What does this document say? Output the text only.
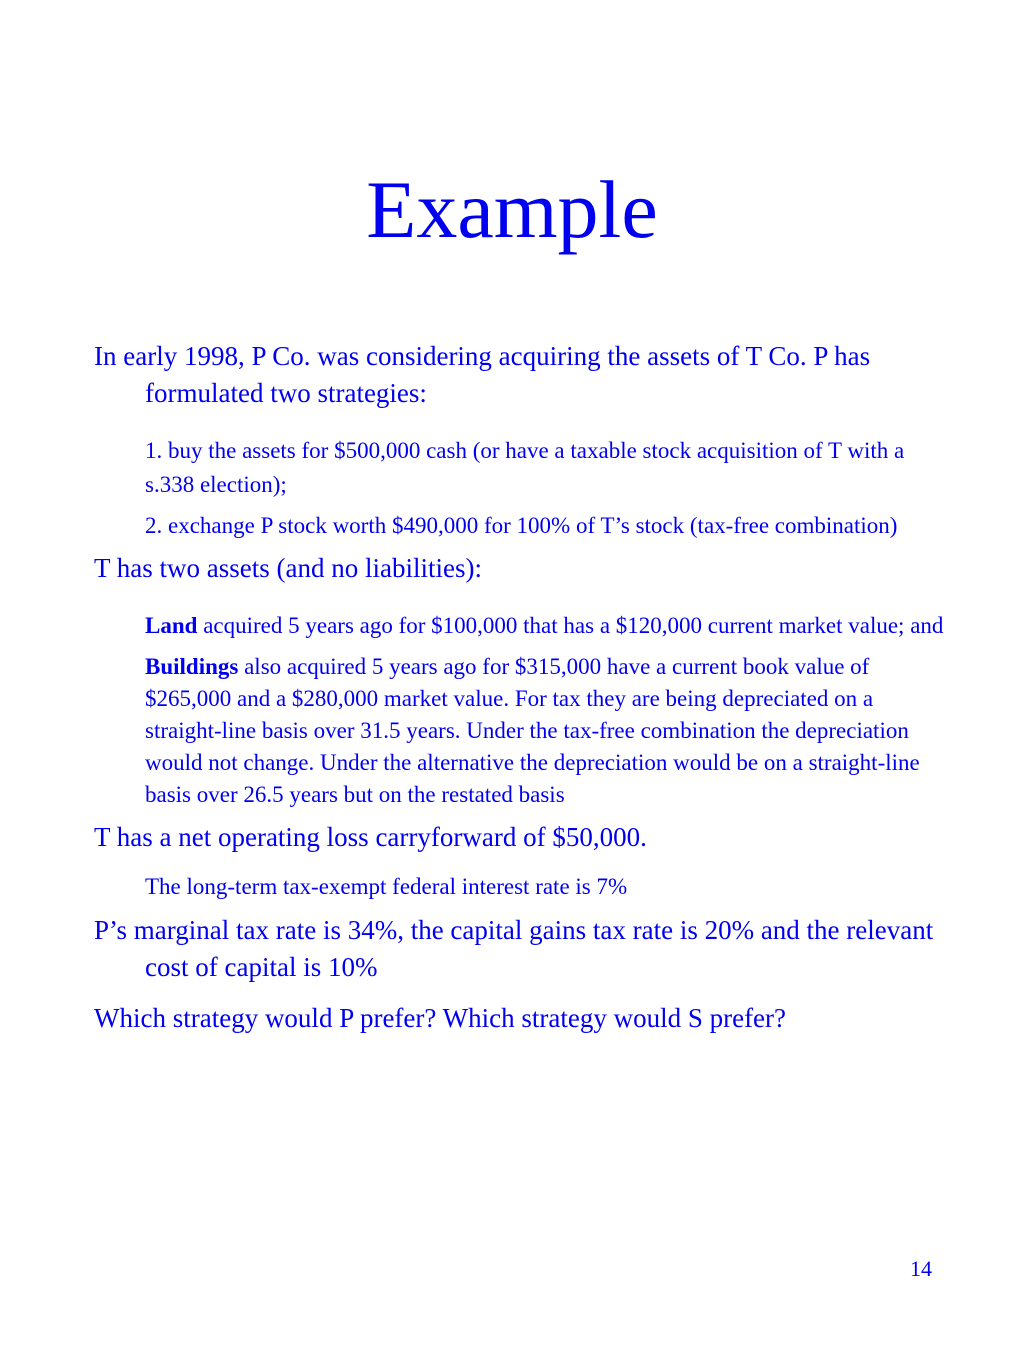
Example

In early 1998, P Co. was considering acquiring the assets of T Co. P has formulated two strategies:

1. buy the assets for $500,000 cash (or have a taxable stock acquisition of T with a s.338 election);

2. exchange P stock worth $490,000 for 100% of T’s stock (tax-free combination)

T has two assets (and no liabilities):

Land acquired 5 years ago for $100,000 that has a $120,000 current market value; and

Buildings also acquired 5 years ago for $315,000 have a current book value of $265,000 and a $280,000 market value. For tax they are being depreciated on a straight-line basis over 31.5 years. Under the tax-free combination the depreciation would not change. Under the alternative the depreciation would be on a straight-line basis over 26.5 years but on the restated basis

T has a net operating loss carryforward of $50,000.

The long-term tax-exempt federal interest rate is 7%

P’s marginal tax rate is 34%, the capital gains tax rate is 20% and the relevant cost of capital is 10%

Which strategy would P prefer? Which strategy would S prefer?

14
